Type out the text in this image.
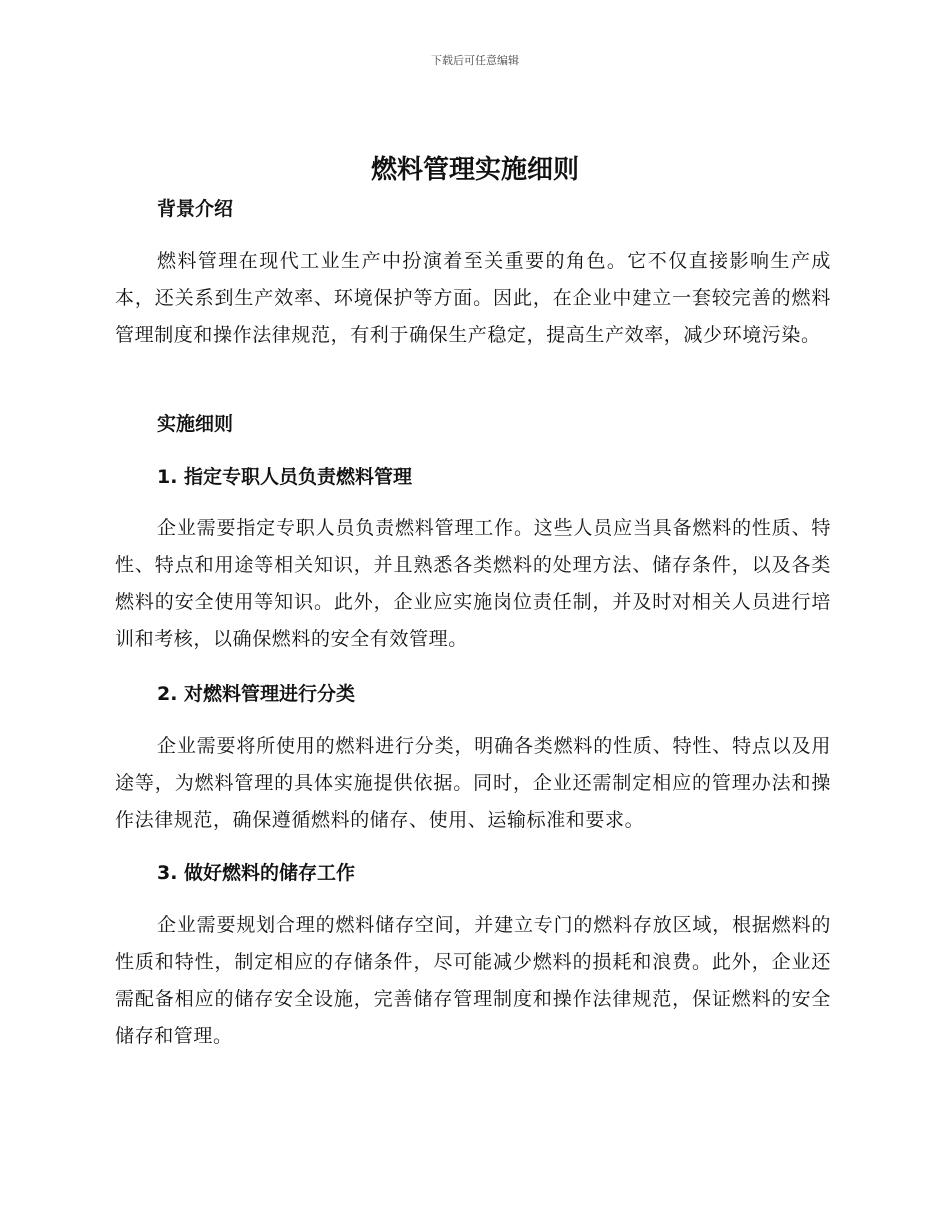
下载后可任意编辑
燃料管理实施细则
背景介绍

燃料管理在现代工业生产中扮演着至关重要的角色。它不仅直接影响生产成本，还关系到生产效率、环境保护等方面。因此，在企业中建立一套较完善的燃料管理制度和操作法律规范，有利于确保生产稳定，提高生产效率，减少环境污染。

实施细则
1. 指定专职人员负责燃料管理

企业需要指定专职人员负责燃料管理工作。这些人员应当具备燃料的性质、特性、特点和用途等相关知识，并且熟悉各类燃料的处理方法、储存条件，以及各类燃料的安全使用等知识。此外，企业应实施岗位责任制，并及时对相关人员进行培训和考核，以确保燃料的安全有效管理。

2. 对燃料管理进行分类

企业需要将所使用的燃料进行分类，明确各类燃料的性质、特性、特点以及用途等，为燃料管理的具体实施提供依据。同时，企业还需制定相应的管理办法和操作法律规范，确保遵循燃料的储存、使用、运输标准和要求。

3. 做好燃料的储存工作

企业需要规划合理的燃料储存空间，并建立专门的燃料存放区域，根据燃料的性质和特性，制定相应的存储条件，尽可能减少燃料的损耗和浪费。此外，企业还需配备相应的储存安全设施，完善储存管理制度和操作法律规范，保证燃料的安全储存和管理。
